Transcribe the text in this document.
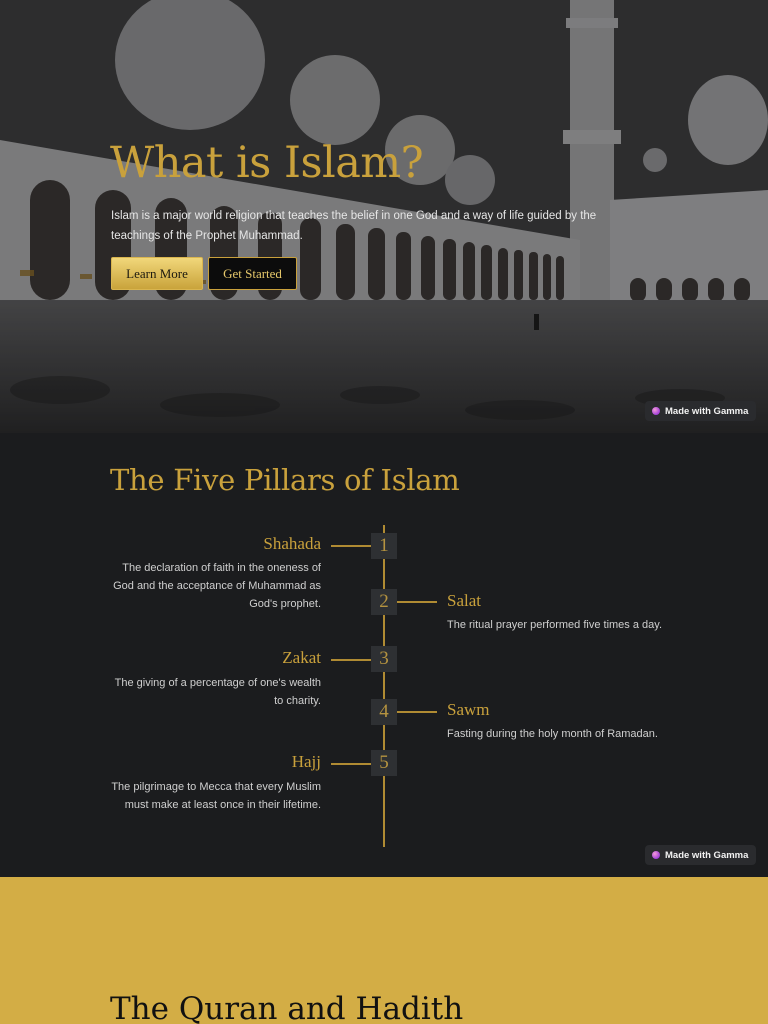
What is Islam?

Islam is a major world religion that teaches the belief in one God and a way of life guided by the teachings of the Prophet Muhammad.

Learn More	Get Started
Made with Gamma
The Five Pillars of Islam
1
Shahada

The declaration of faith in the oneness of God and the acceptance of Muhammad as God's prophet.	2	Salat

The ritual prayer performed five times a day.

3
Zakat

The giving of a percentage of one's wealth to charity.	4	Sawm

Fasting during the holy month of Ramadan.

5
Hajj

The pilgrimage to Mecca that every Muslim must make at least once in their lifetime.

Made with Gamma
The Quran and Hadith
